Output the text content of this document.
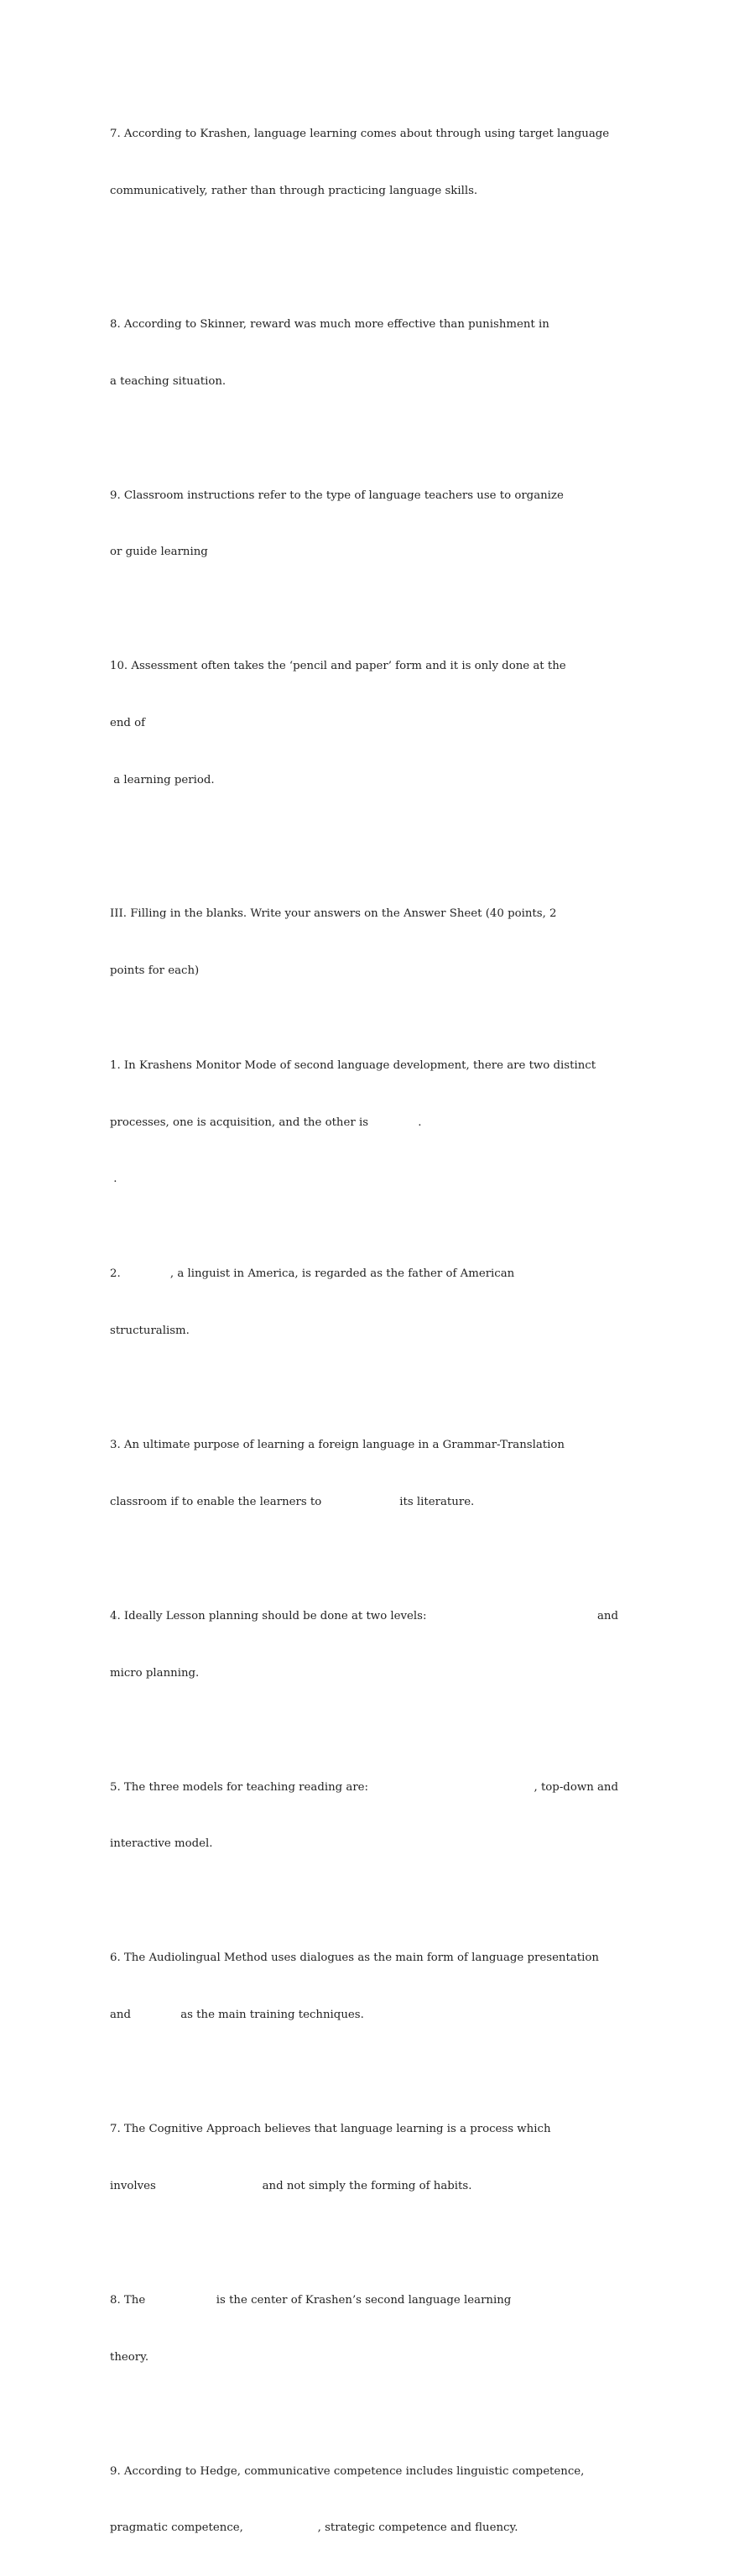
7. According to Krashen, language learning comes about through using target language

communicatively, rather than through practicing language skills.

8. According to Skinner, reward was much more effective than punishment in

a teaching situation.

9. Classroom instructions refer to the type of language teachers use to organize

or guide learning

10. Assessment often takes the ‘pencil and paper’ form and it is only done at the

end of

a learning period.

III. Filling in the blanks. Write your answers on the Answer Sheet (40 points, 2

points for each)

1. In Krashens Monitor Mode of second language development, there are two distinct

processes, one is acquisition, and the other is	.

.

2.	, a linguist in America, is regarded as the father of American

structuralism.

3. An ultimate purpose of learning a foreign language in a Grammar-Translation

classroom if to enable the learners to	its literature.

4. Ideally Lesson planning should be done at two levels:	and

micro planning.

5. The three models for teaching reading are:	, top-down and

interactive model.

6. The Audiolingual Method uses dialogues as the main form of language presentation

and	as the main training techniques.

7. The Cognitive Approach believes that language learning is a process which

involves	and not simply the forming of habits.

8. The	is the center of Krashen’s second language learning

theory.

9. According to Hedge, communicative competence includes linguistic competence,

pragmatic competence,	, strategic competence and fluency.
